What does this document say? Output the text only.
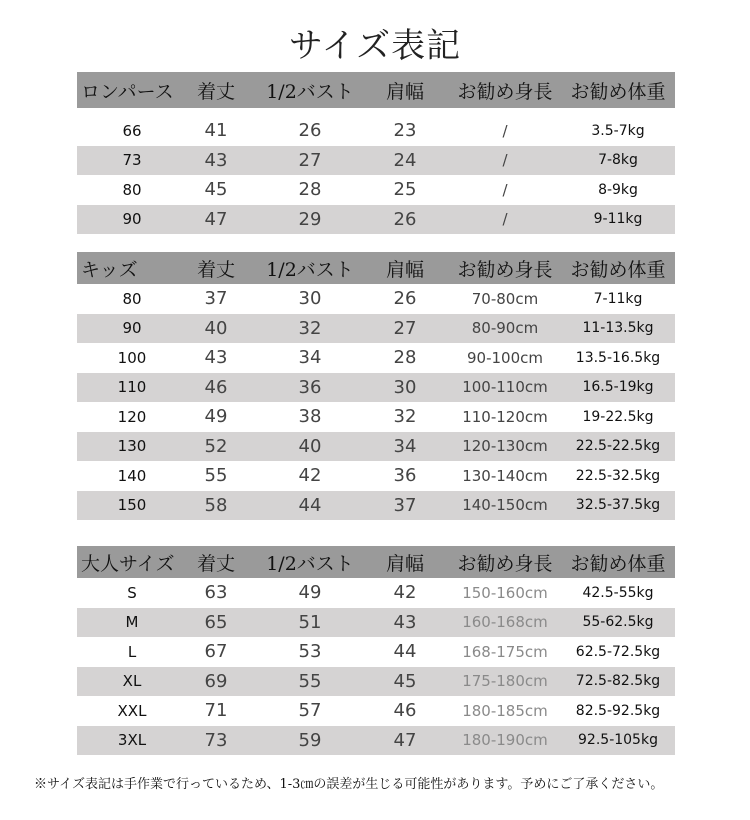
サイズ表記
ロンパース	着丈	1/2バスト	肩幅	お勧め身長 お勧め体重
66	41	26	23	/	3.5-7kg
73	43	27	24	/	7-8kg
80	45	28	25	/	8-9kg
90	47	29	26	/	9-11kg
キッズ	着丈	1/2バスト	肩幅	お勧め身長 お勧め体重
80	37	30	26	70-80cm	7-11kg
90	40	32	27	80-90cm	11-13.5kg
100	43	34	28	90-100cm	13.5-16.5kg
110	46	36	30	100-110cm	16.5-19kg
120	49	38	32	110-120cm	19-22.5kg
130	52	40	34	120-130cm	22.5-22.5kg
140	55	42	36	130-140cm	22.5-32.5kg
150	58	44	37	140-150cm	32.5-37.5kg
大人サイズ	着丈	1/2バスト	肩幅	お勧め身長 お勧め体重
S	63	49	42	150-160cm	42.5-55kg
M	65	51	43	160-168cm	55-62.5kg
L	67	53	44	168-175cm	62.5-72.5kg
XL	69	55	45	175-180cm	72.5-82.5kg
XXL	71	57	46	180-185cm	82.5-92.5kg
3XL	73	59	47	180-190cm	92.5-105kg
※サイズ表記は手作業で行っているため、1-3㎝の誤差が生じる可能性があります。予めにご了承ください。
